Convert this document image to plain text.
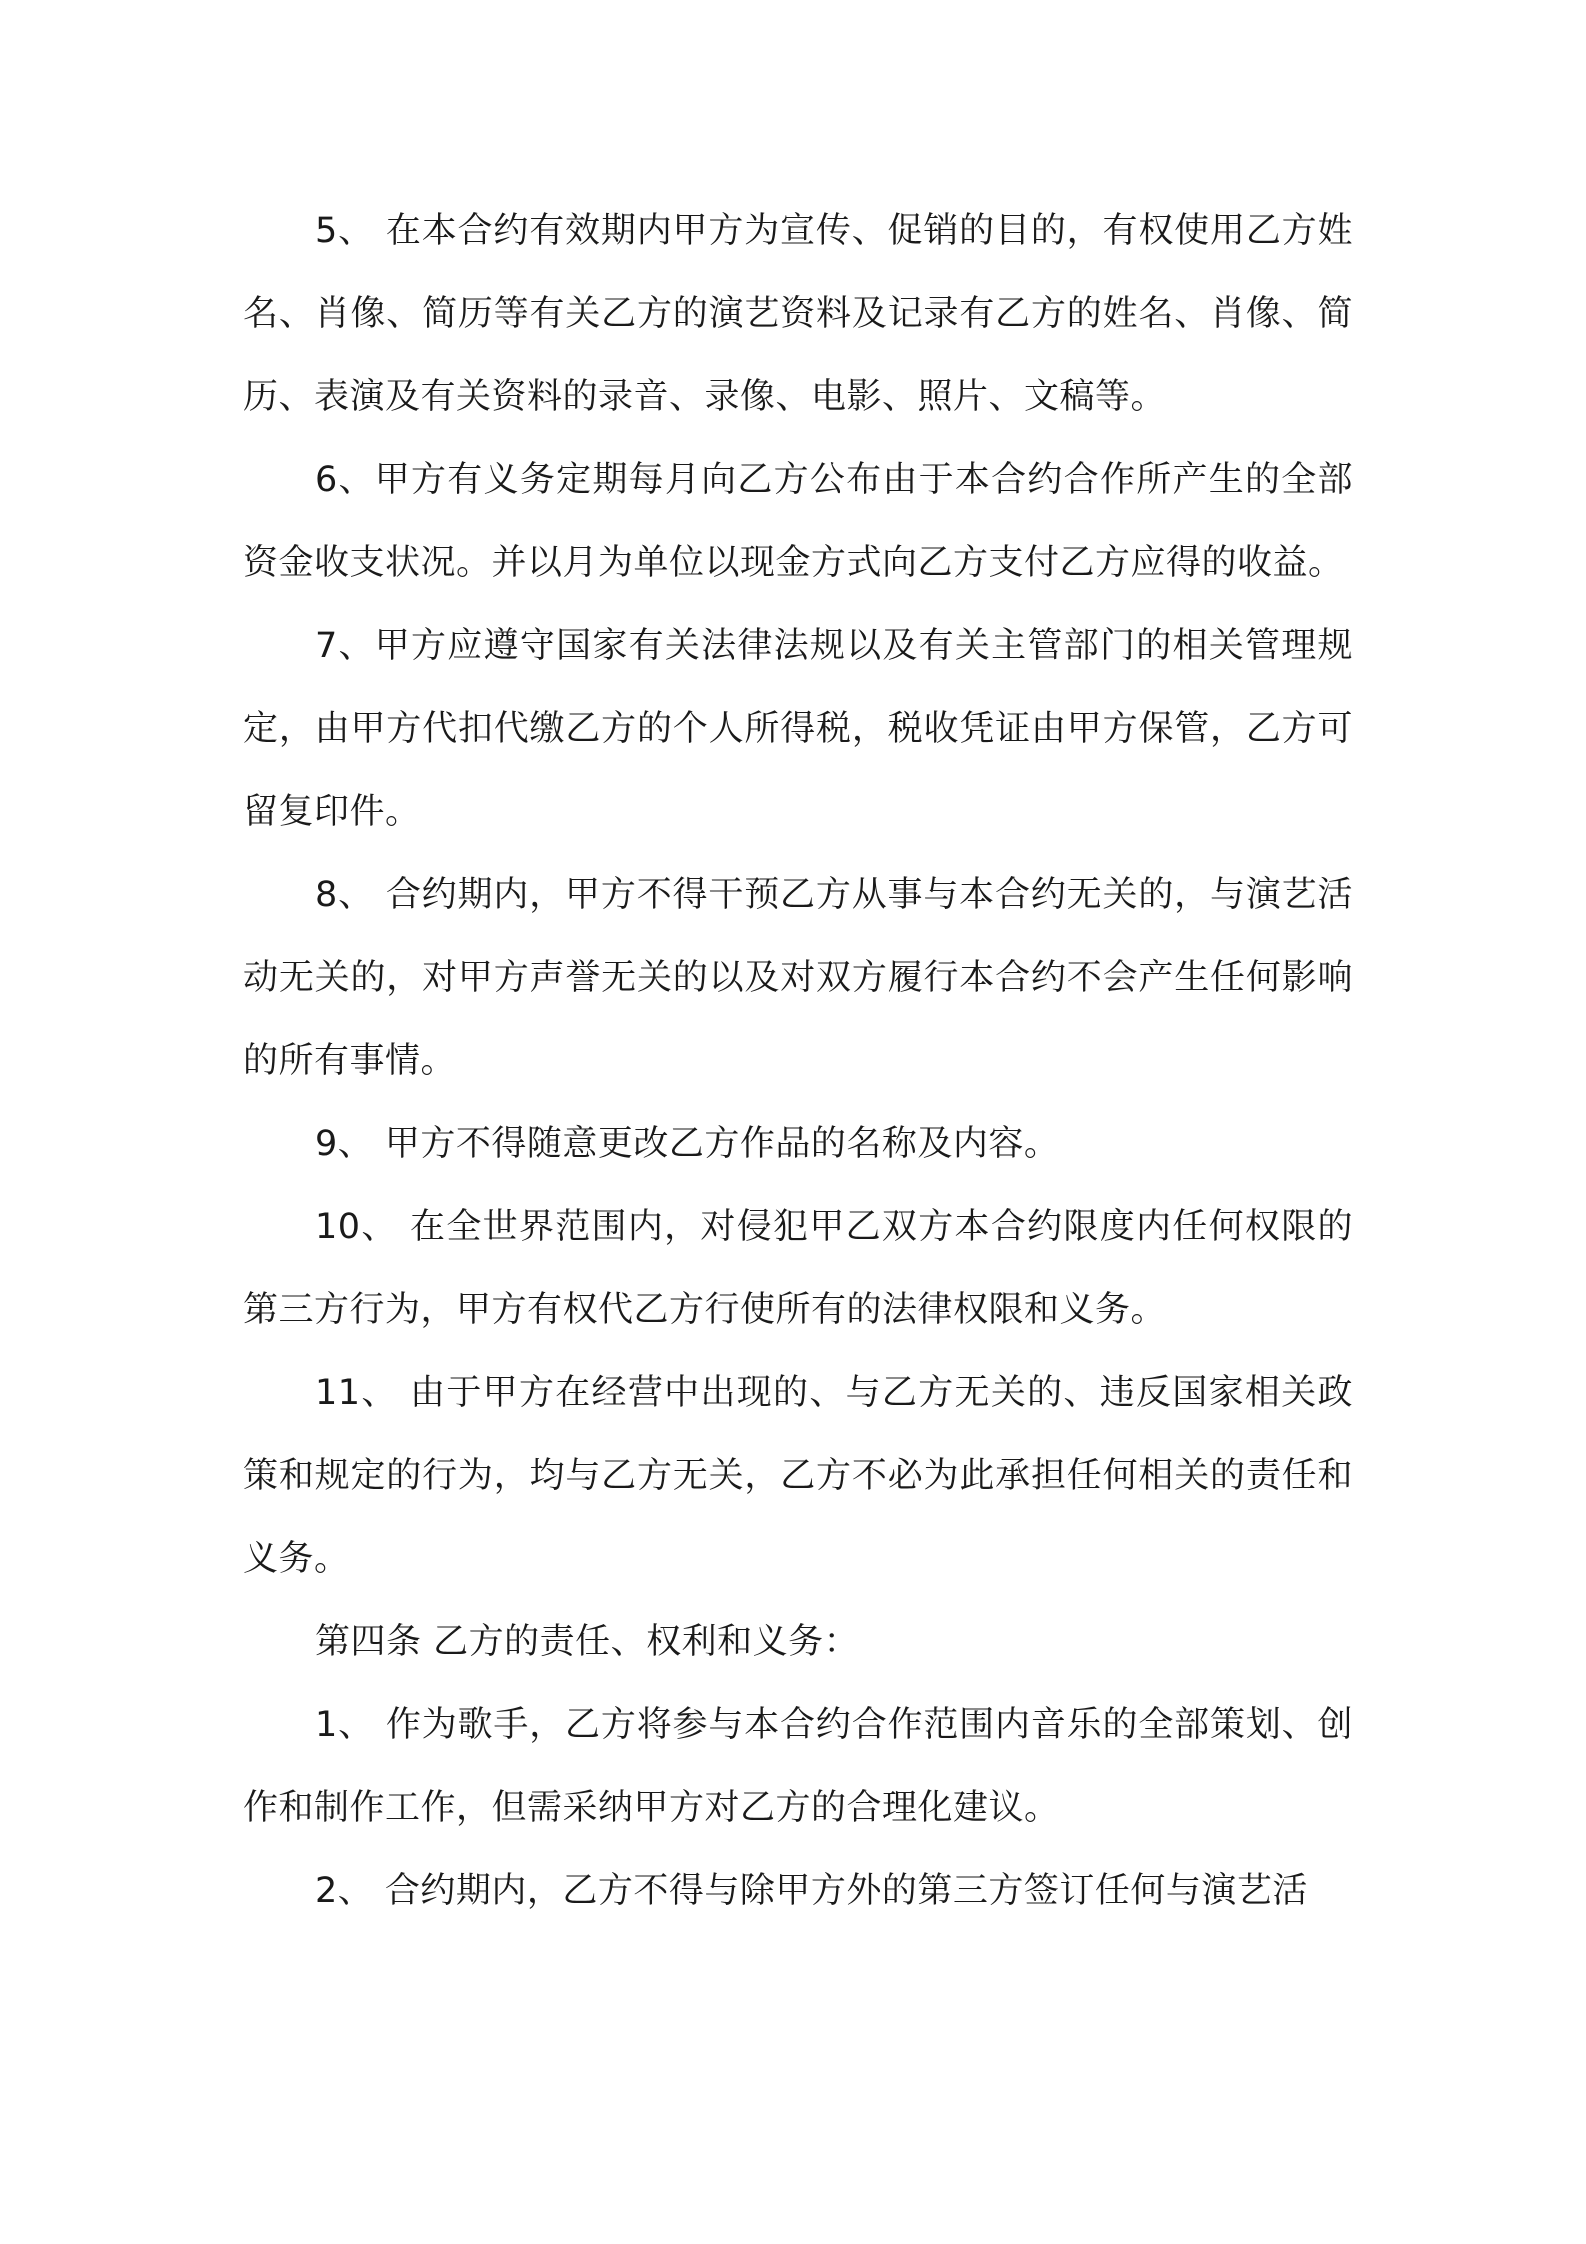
5、 在本合约有效期内甲方为宣传、促销的目的，有权使用乙方姓名、肖像、简历等有关乙方的演艺资料及记录有乙方的姓名、肖像、简历、表演及有关资料的录音、录像、电影、照片、文稿等。

6、甲方有义务定期每月向乙方公布由于本合约合作所产生的全部资金收支状况。并以月为单位以现金方式向乙方支付乙方应得的收益。

7、甲方应遵守国家有关法律法规以及有关主管部门的相关管理规定，由甲方代扣代缴乙方的个人所得税，税收凭证由甲方保管，乙方可留复印件。

8、 合约期内，甲方不得干预乙方从事与本合约无关的，与演艺活动无关的，对甲方声誉无关的以及对双方履行本合约不会产生任何影响的所有事情。

9、 甲方不得随意更改乙方作品的名称及内容。

10、 在全世界范围内，对侵犯甲乙双方本合约限度内任何权限的第三方行为，甲方有权代乙方行使所有的法律权限和义务。

11、 由于甲方在经营中出现的、与乙方无关的、违反国家相关政策和规定的行为，均与乙方无关，乙方不必为此承担任何相关的责任和义务。

第四条 乙方的责任、权利和义务：

1、 作为歌手，乙方将参与本合约合作范围内音乐的全部策划、创作和制作工作，但需采纳甲方对乙方的合理化建议。

2、 合约期内，乙方不得与除甲方外的第三方签订任何与演艺活
